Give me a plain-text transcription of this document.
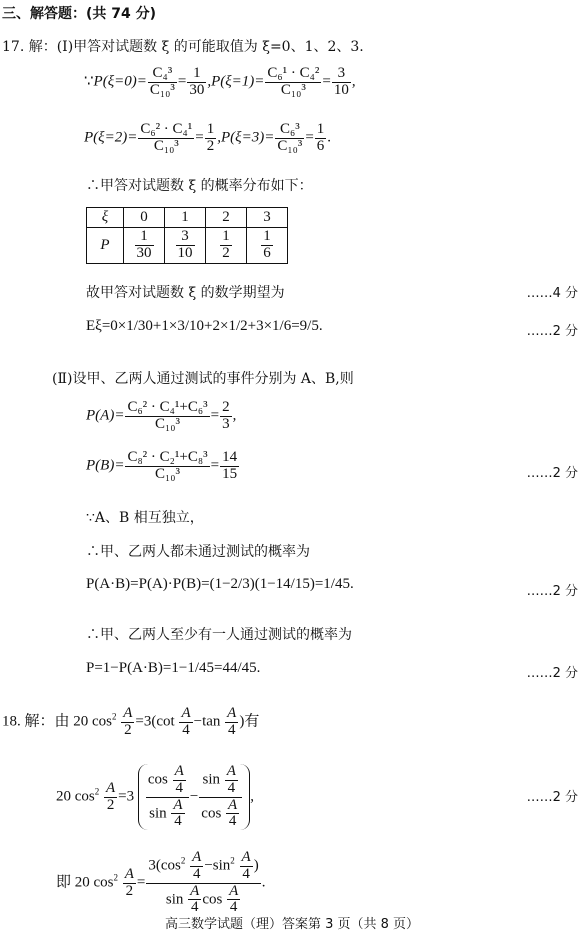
三、解答题：(共 74 分)
17. 解：(Ⅰ)甲答对试题数 ξ 的可能取值为 ξ=0、1、2、3.
∵P(ξ=0)= $\frac{\text{C₄³}}{\text{C₁₀³}} = \frac{1}{30} ,P(\xi=1)= \frac{\text{C₆¹ · C₄²}}{\text{C₁₀³}} = \frac{3}{10}$ ,
$P(\xi=2)= \frac{\text{C₆² · C₄¹}}{\text{C₁₀³}} = \frac{1}{2} ,P(\xi=3)= \frac{\text{C₆³}}{\text{C₁₀³}} = \frac{1}{6}$ .
∴甲答对试题数 ξ 的概率分布如下：
ξ	0	1	2	3
P	$\frac{1}{30}$	$\frac{3}{10}$	$\frac{1}{2}$	$\frac{1}{6}$
故甲答对试题数 ξ 的数学期望为	……4 分
Eξ=0×1/30+1×3/10+2×1/2+3×1/6=9/5.	……2 分
(Ⅱ)设甲、乙两人通过测试的事件分别为 A、B,则
$P(A)= \frac{\text{C₆² · C₄¹+C₆³}}{\text{C₁₀³}} = \frac{2}{3}$ ,
$P(B)= \frac{\text{C₈² · C₂¹+C₈³}}{\text{C₁₀³}} = \frac{14}{15}$	……2 分
∵A、B 相互独立，
∴甲、乙两人都未通过测试的概率为
P(A·B)=P(A)·P(B)=(1−2/3)(1−14/15)=1/45.	……2 分
∴甲、乙两人至少有一人通过测试的概率为
P=1−P(A·B)=1−1/45=44/45.	……2 分
18. 解：由 20 $\cos^2 \frac{A}{2} =3(\cot \frac{A}{4} -\tan \frac{A}{4}$ )有
20 $\cos^2 \frac{A}{2} =3 \frac{\cos \frac{A}{4}}{\sin \frac{A}{4}} - \frac{\sin \frac{A}{4}}{\cos \frac{A}{4}}$ ,	……2 分
即 20 $\cos^2 \frac{A}{2} = \frac{3(\cos^2 \frac{A}{4} -\sin^2 \frac{A}{4} )}{\sin \frac{A}{4} \cos \frac{A}{4}}$ .
高三数学试题（理）答案第 3 页（共 8 页）
